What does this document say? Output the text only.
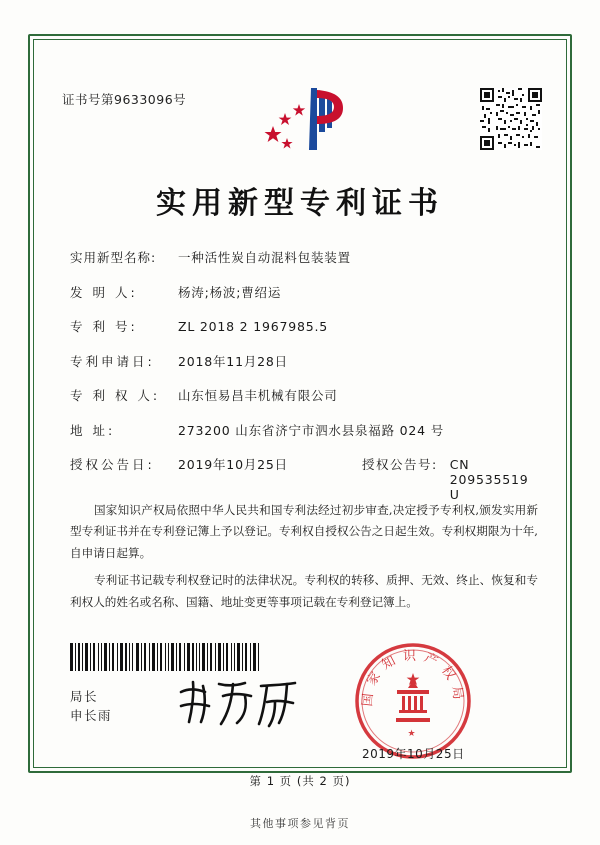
证书号第9633096号
实用新型专利证书
实用新型名称:	一种活性炭自动混料包装装置
发 明 人:	杨涛;杨波;曹绍运
专 利 号:	ZL 2018 2 1967985.5
专利申请日:	2018年11月28日
专 利 权 人:	山东恒易昌丰机械有限公司
地 址:	273200 山东省济宁市泗水县泉福路 024 号
授权公告日:	2019年10月25日	授权公告号: CN 209535519 U

国家知识产权局依照中华人民共和国专利法经过初步审查,决定授予专利权,颁发实用新型专利证书并在专利登记簿上予以登记。专利权自授权公告之日起生效。专利权期限为十年,自申请日起算。

专利证书记载专利权登记时的法律状况。专利权的转移、质押、无效、终止、恢复和专利权人的姓名或名称、国籍、地址变更等事项记载在专利登记簿上。

局长
申长雨
国家知识产权局
★
2019年10月25日
第 1 页 (共 2 页)
其他事项参见背页
